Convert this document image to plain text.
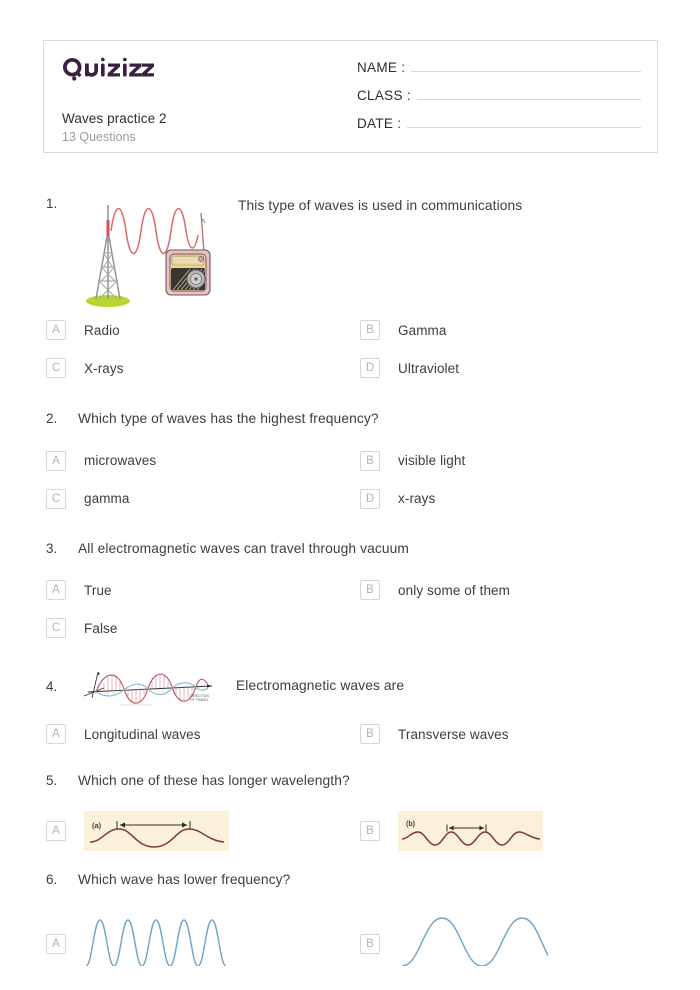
Waves practice 2
13 Questions
NAME :
CLASS :
DATE :
1.	This type of waves is used in communications
A	Radio	B	Gamma
C	X-rays	D	Ultraviolet
2.	Which type of waves has the highest frequency?
A	microwaves	B	visible light
C	gamma	D	x-rays
3.	All electromagnetic waves can travel through vacuum
A	True	B	only some of them
C	False
4.
DIRECTION
OF TRAVEL
Electromagnetic waves are
A	Longitudinal waves	B	Transverse waves
5.	Which one of these has longer wavelength?
A	(a)	B
(b)
6.	Which wave has lower frequency?
A	B
